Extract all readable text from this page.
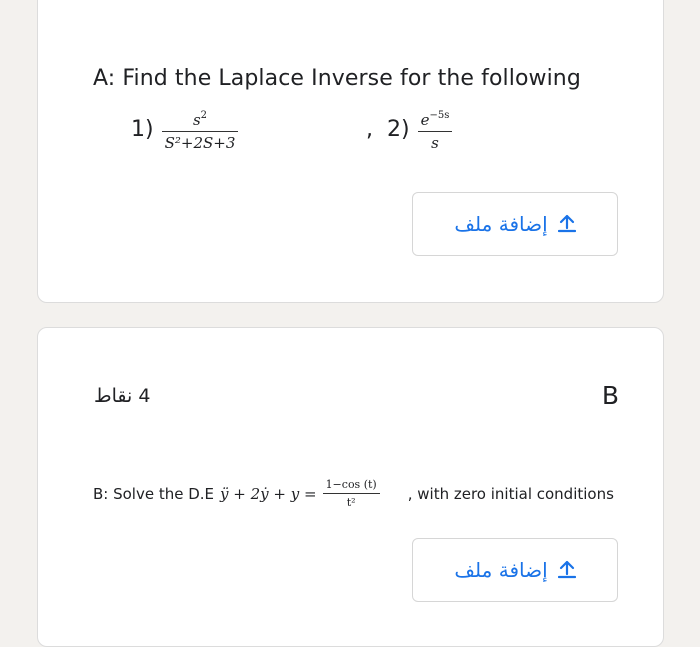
A: Find the Laplace Inverse for the following
$1) \frac{s^2}{\text{S²+2S+3}}$	, $2) \frac{e^{-5s}}{s}$
إضافة ملف
4 نقاط	B
B: Solve the D.E ÿ + 2ẏ + $y = \frac{1-\cos (t)}{\text{t²}}$ , with zero initial conditions
إضافة ملف
